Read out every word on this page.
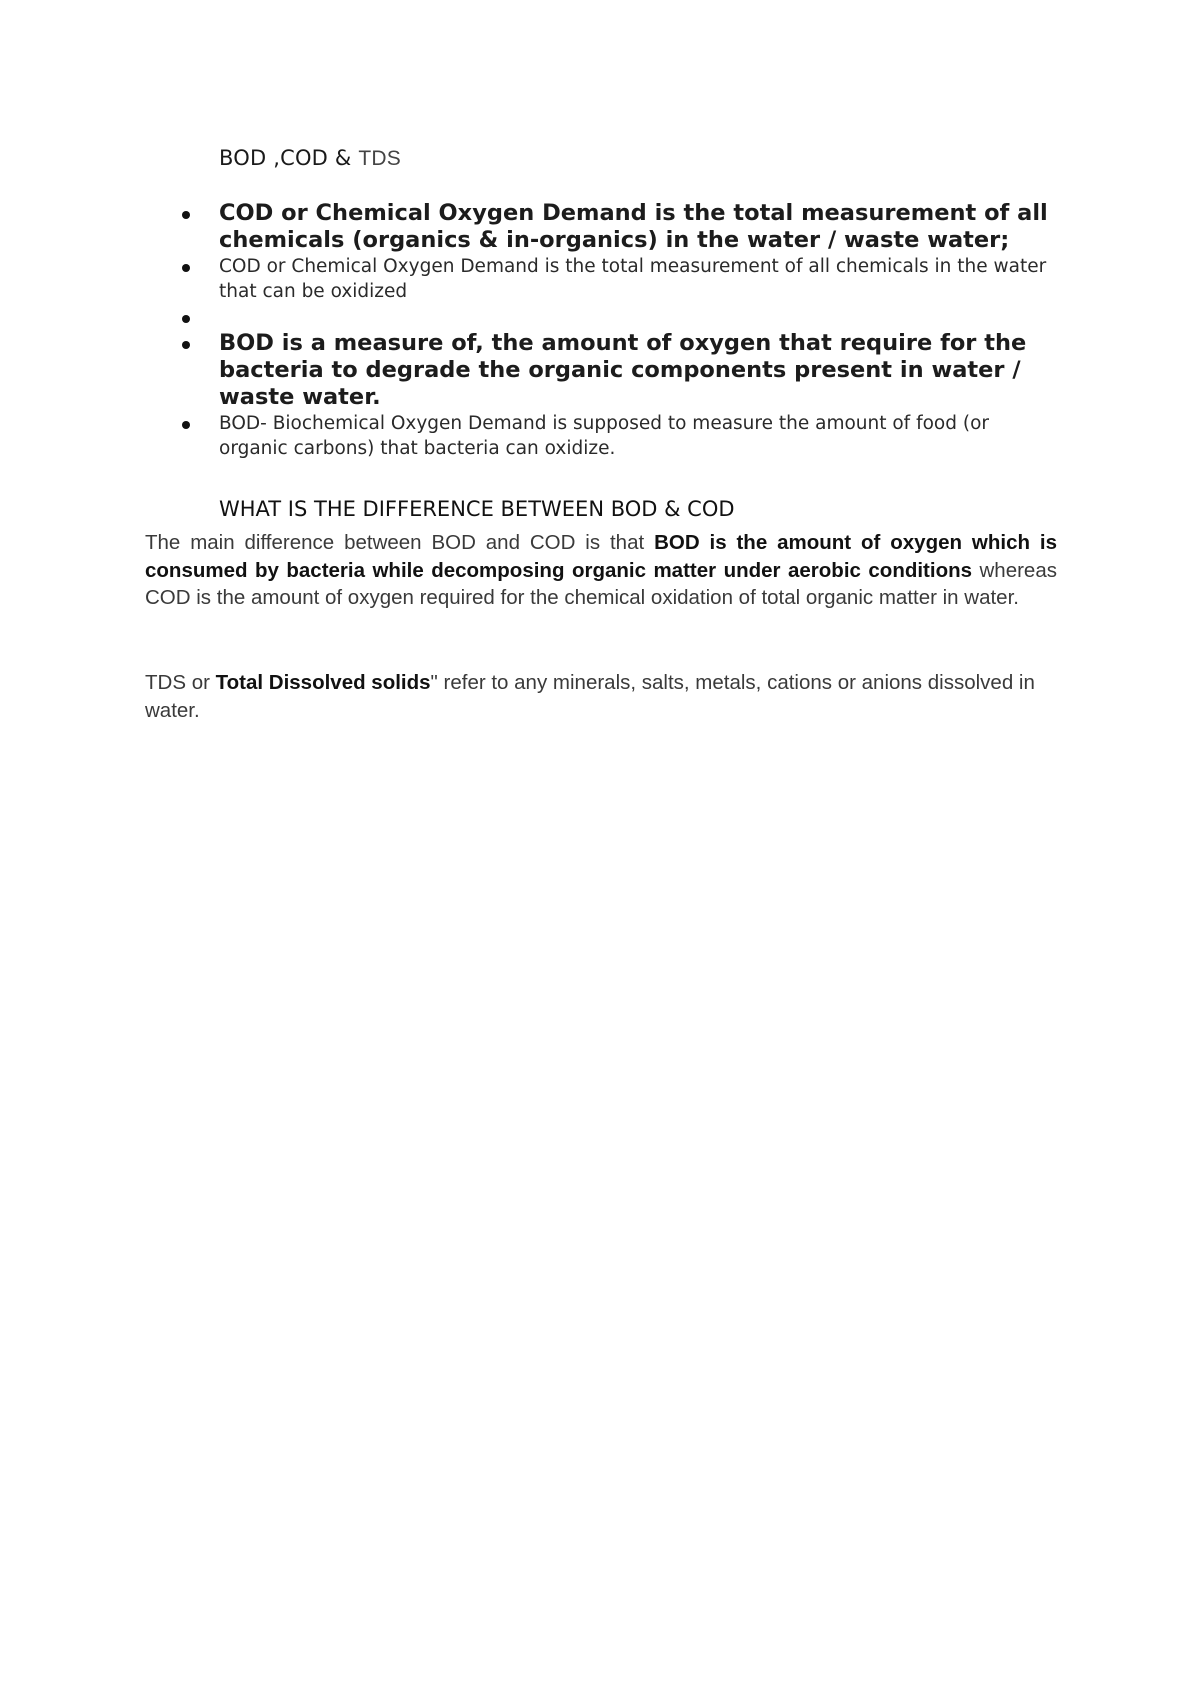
BOD ,COD & TDS
COD or Chemical Oxygen Demand is the total measurement of all chemicals (organics & in-organics) in the water / waste water;
COD or Chemical Oxygen Demand is the total measurement of all chemicals in the water that can be oxidized
BOD is a measure of, the amount of oxygen that require for the bacteria to degrade the organic components present in water / waste water.
BOD- Biochemical Oxygen Demand is supposed to measure the amount of food (or organic carbons) that bacteria can oxidize.
WHAT IS THE DIFFERENCE BETWEEN BOD & COD

The main difference between BOD and COD is that BOD is the amount of oxygen which is consumed by bacteria while decomposing organic matter under aerobic conditions whereas COD is the amount of oxygen required for the chemical oxidation of total organic matter in water.

TDS or Total Dissolved solids" refer to any minerals, salts, metals, cations or anions dissolved in water.
